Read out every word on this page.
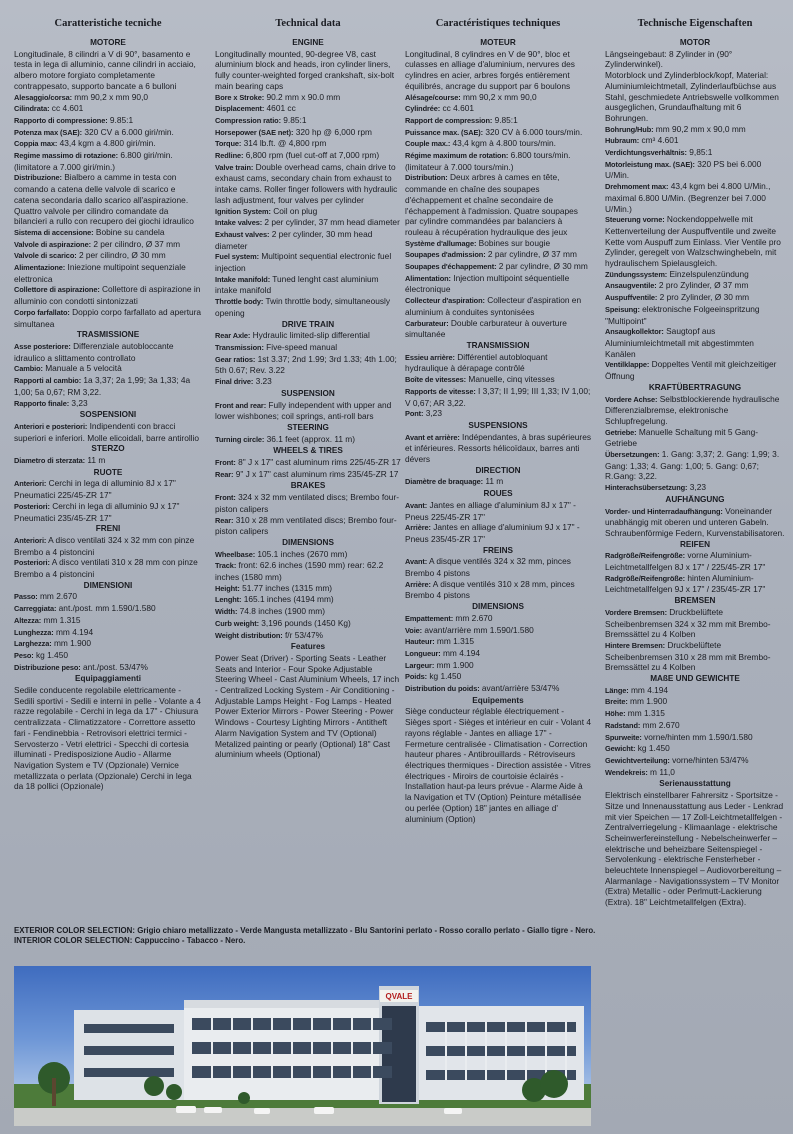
Caratteristiche tecniche
MOTORE

Longitudinale, 8 cilindri a V di 90°, basamento e testa in lega di alluminio, canne cilindri in acciaio, albero motore forgiato completamente contrappesato, supporto bancate a 6 bulloni

Alesaggio/corsa: mm 90,2 x mm 90,0

Cilindrata: cc 4.601

Rapporto di compressione: 9.85:1

Potenza max (SAE): 320 CV a 6.000 giri/min.

Coppia max: 43,4 kgm a 4.800 giri/min.

Regime massimo di rotazione: 6.800 giri/min. (limitatore a 7.000 giri/min.)

Distribuzione: Bialbero a camme in testa con comando a catena delle valvole di scarico e catena secondaria dallo scarico all'aspirazione. Quattro valvole per cilindro comandate da bilancieri a rullo con recupero dei giochi idraulico

Sistema di accensione: Bobine su candela

Valvole di aspirazione: 2 per cilindro, Ø 37 mm

Valvole di scarico: 2 per cilindro, Ø 30 mm

Alimentazione: Iniezione multipoint sequenziale elettronica

Collettore di aspirazione: Collettore di aspirazione in alluminio con condotti sintonizzati

Corpo farfallato: Doppio corpo farfallato ad apertura simultanea

TRASMISSIONE

Asse posteriore: Differenziale autobloccante idraulico a slittamento controllato

Cambio: Manuale a 5 velocità

Rapporti al cambio: 1a 3,37; 2a 1,99; 3a 1,33; 4a 1,00; 5a 0,67; RM 3,22.

Rapporto finale: 3,23

SOSPENSIONI

Anteriori e posteriori: Indipendenti con bracci superiori e inferiori. Molle elicoidali, barre antirollio

STERZO

Diametro di sterzata: 11 m

RUOTE

Anteriori: Cerchi in lega di alluminio 8J x 17" Pneumatici 225/45-ZR 17"

Posteriori: Cerchi in lega di alluminio 9J x 17" Pneumatici 235/45-ZR 17"

FRENI

Anteriori: A disco ventilati 324 x 32 mm con pinze Brembo a 4 pistoncini

Posteriori: A disco ventilati 310 x 28 mm con pinze Brembo a 4 pistoncini

DIMENSIONI

Passo: mm 2.670

Carreggiata: ant./post. mm 1.590/1.580

Altezza: mm 1.315

Lunghezza: mm 4.194

Larghezza: mm 1.900

Peso: kg 1.450

Distribuzione peso: ant./post. 53/47%

Equipaggiamenti

Sedile conducente regolabile elettricamente - Sedili sportivi - Sedili e interni in pelle - Volante a 4 razze regolabile - Cerchi in lega da 17" - Chiusura centralizzata - Climatizzatore - Correttore assetto fari - Fendinebbia - Retrovisori elettrici termici - Servosterzo - Vetri elettrici - Specchi di cortesia illuminati - Predisposizione Audio - Allarme Navigation System e TV (Opzionale) Vernice metallizzata o perlata (Opzionale) Cerchi in lega da 18 pollici (Opzionale)

Technical data
ENGINE

Longitudinally mounted, 90-degree V8, cast aluminium block and heads, iron cylinder liners, fully counter-weighted forged crankshaft, six-bolt main bearing caps

Bore x Stroke: 90.2 mm x 90.0 mm

Displacement: 4601 cc

Compression ratio: 9.85:1

Horsepower (SAE net): 320 hp @ 6,000 rpm

Torque: 314 lb.ft. @ 4,800 rpm

Redline: 6,800 rpm (fuel cut-off at 7,000 rpm)

Valve train: Double overhead cams, chain drive to exhaust cams, secondary chain from exhaust to intake cams. Roller finger followers with hydraulic lash adjustment, four valves per cylinder

Ignition System: Coil on plug

Intake valves: 2 per cylinder, 37 mm head diameter

Exhaust valves: 2 per cylinder, 30 mm head diameter

Fuel system: Multipoint sequential electronic fuel injection

Intake manifold: Tuned lenght cast aluminium intake manifold

Throttle body: Twin throttle body, simultaneously opening

DRIVE TRAIN

Rear Axle: Hydraulic limited-slip differential

Transmission: Five-speed manual

Gear ratios: 1st 3.37; 2nd 1.99; 3rd 1.33; 4th 1.00; 5th 0.67; Rev. 3.22

Final drive: 3.23

SUSPENSION

Front and rear: Fully independent with upper and lower wishbones; coil springs, anti-roll bars

STEERING

Turning circle: 36.1 feet (approx. 11 m)

WHEELS & TIRES

Front: 8" J x 17" cast aluminum rims 225/45-ZR 17

Rear: 9" J x 17" cast aluminum rims 235/45-ZR 17

BRAKES

Front: 324 x 32 mm ventilated discs; Brembo four-piston calipers

Rear: 310 x 28 mm ventilated discs; Brembo four-piston calipers

DIMENSIONS

Wheelbase: 105.1 inches (2670 mm)

Track: front: 62.6 inches (1590 mm) rear: 62.2 inches (1580 mm)

Height: 51.77 inches (1315 mm)

Lenght: 165.1 inches (4194 mm)

Width: 74.8 inches (1900 mm)

Curb weight: 3,196 pounds (1450 Kg)

Weight distribution: f/r 53/47%

Features

Power Seat (Driver) - Sporting Seats - Leather Seats and Interior - Four Spoke Adjustable Steering Wheel - Cast Aluminium Wheels, 17 inch - Centralized Locking System - Air Conditioning - Adjustable Lamps Height - Fog Lamps - Heated Power Exterior Mirrors - Power Steering - Power Windows - Courtesy Lighting Mirrors - Antitheft Alarm Navigation System and TV (Optional) Metalized painting or pearly (Optional) 18" Cast aluminium wheels (Optional)

Caractéristiques techniques
MOTEUR

Longitudinal, 8 cylindres en V de 90°, bloc et culasses en alliage d'aluminium, nervures des cylindres en acier, arbres forgés entièrement équilibrés, ancrage du support par 6 boulons

Alésage/course: mm 90,2 x mm 90,0

Cylindrée: cc 4.601

Rapport de compression: 9.85:1

Puissance max. (SAE): 320 CV à 6.000 tours/min.

Couple max.: 43,4 kgm à 4.800 tours/min.

Régime maximum de rotation: 6.800 tours/min. (limitateur à 7.000 tours/min.)

Distribution: Deux arbres à cames en tête, commande en chaîne des soupapes d'échappement et chaîne secondaire de l'échappement à l'admission. Quatre soupapes par cylindre commandées par balanciers à rouleau à récupération hydraulique des jeux

Système d'allumage: Bobines sur bougie

Soupapes d'admission: 2 par cylindre, Ø 37 mm

Soupapes d'échappement: 2 par cylindre, Ø 30 mm

Alimentation: Injection multipoint séquentielle électronique

Collecteur d'aspiration: Collecteur d'aspiration en aluminium à conduites syntonisées

Carburateur: Double carburateur à ouverture simultanée

TRANSMISSION

Essieu arrière: Différentiel autobloquant hydraulique à dérapage contrôlé

Boîte de vitesses: Manuelle, cinq vitesses

Rapports de vitesse: I 3,37; II 1,99; III 1,33; IV 1,00; V 0,67; AR 3,22.

Pont: 3,23

SUSPENSIONS

Avant et arrière: Indépendantes, à bras supérieures et inférieures. Ressorts hélicoïdaux, barres anti dévers

DIRECTION

Diamètre de braquage: 11 m

ROUES

Avant: Jantes en alliage d'aluminium 8J x 17" - Pneus 225/45-ZR 17"

Arrière: Jantes en alliage d'aluminium 9J x 17" - Pneus 235/45-ZR 17"

FREINS

Avant: A disque ventilés 324 x 32 mm, pinces Brembo 4 pistons

Arrière: A disque ventilés 310 x 28 mm, pinces Brembo 4 pistons

DIMENSIONS

Empattement: mm 2.670

Voie: avant/arrière mm 1.590/1.580

Hauteur: mm 1.315

Longueur: mm 4.194

Largeur: mm 1.900

Poids: kg 1.450

Distribution du poids: avant/arrière 53/47%

Equipements

Siège conducteur réglable électriquement - Sièges sport - Sièges et intérieur en cuir - Volant 4 rayons réglable - Jantes en alliage 17" - Fermeture centralisée - Climatisation - Correction hauteur phares - Antibrouillards - Rétroviseurs électriques thermiques - Direction assistée - Vitres électriques - Miroirs de courtoisie éclairés - Installation haut-pa leurs prévue - Alarme Aide à la Navigation et TV (Option) Peinture métallisée ou perlée (Option) 18" jantes en alliage d' aluminium (Option)

Technische Eigenschaften
MOTOR

Längseingebaut: 8 Zylinder in (90° Zylinderwinkel).

Motorblock und Zylinderblock/kopf, Material: Aluminiumleichtmetall, Zylinderlaufbüchse aus Stahl, geschmiedete Antriebswelle vollkommen ausgeglichen, Grundaufhaltung mit 6 Bohrungen.

Bohrung/Hub: mm 90,2 mm x 90,0 mm

Hubraum: cm³ 4.601

Verdichtungsverhältnis: 9,85:1

Motorleistung max. (SAE): 320 PS bei 6.000 U/Min.

Drehmoment max: 43,4 kgm bei 4.800 U/Min., maximal 6.800 U/Min. (Begrenzer bei 7.000 U/Min.)

Steuerung vorne: Nockendoppelwelle mit Kettenverteilung der Auspuffventile und zweite Kette vom Auspuff zum Einlass. Vier Ventile pro Zylinder, geregelt von Walzschwinghebeln, mit hydraulischem Spielausgleich.

Zündungssystem: Einzelspulenzündung

Ansaugventile: 2 pro Zylinder, Ø 37 mm

Auspuffventile: 2 pro Zylinder, Ø 30 mm

Speisung: elektronische Folgeeinspritzung "Multipoint"

Ansaugkollektor: Saugtopf aus Aluminiumleichtmetall mit abgestimmten Kanälen

Ventilklappe: Doppeltes Ventil mit gleichzeitiger Öffnung

KRAFTÜBERTRAGUNG

Vordere Achse: Selbstblockierende hydraulische Differenzialbremse, elektronische Schlupfregelung.

Getriebe: Manuelle Schaltung mit 5 Gang-Getriebe

Übersetzungen: 1. Gang: 3,37; 2. Gang: 1,99; 3. Gang: 1,33; 4. Gang: 1,00; 5. Gang: 0,67; R.Gang: 3,22.

Hinterachsübersetzung: 3,23

AUFHÄNGUNG

Vorder- und Hinterradaufhängung: Voneinander unabhängig mit oberen und unteren Gabeln. Schraubenförmige Federn, Kurvenstabilisatoren.

REIFEN

Radgröße/Reifengröße: vorne Aluminium-Leichtmetallfelgen 8J x 17" / 225/45-ZR 17"

Radgröße/Reifengröße: hinten Aluminium-Leichtmetallfelgen 9J x 17" / 235/45-ZR 17"

BREMSEN

Vordere Bremsen: Druckbelüftete Scheibenbremsen 324 x 32 mm mit Brembo-Bremssättel zu 4 Kolben

Hintere Bremsen: Druckbelüftete Scheibenbremsen 310 x 28 mm mit Brembo-Bremssättel zu 4 Kolben

MAßE UND GEWICHTE

Länge: mm 4.194

Breite: mm 1.900

Höhe: mm 1.315

Radstand: mm 2.670

Spurweite: vorne/hinten mm 1.590/1.580

Gewicht: kg 1.450

Gewichtverteilung: vorne/hinten 53/47%

Wendekreis: m 11,0

Serienausstattung

Elektrisch einstellbarer Fahrersitz - Sportsitze - Sitze und Innenausstattung aus Leder - Lenkrad mit vier Speichen — 17 Zoll-Leichtmetallfelgen - Zentralverriegelung - Klimaanlage - elektrische Scheinwerfereinstellung - Nebelscheinwerfer – elektrische und beheizbare Seitenspiegel - Servolenkung - elektrische Fensterheber - beleuchtete Innenspiegel – Audiovorbereitung – Alarmanlage - Navigationssystem – TV Monitor (Extra) Metallic - oder Perlmutt-Lackierung (Extra). 18" Leichtmetallfelgen (Extra).

EXTERIOR COLOR SELECTION: Grigio chiaro metallizzato - Verde Mangusta metallizzato - Blu Santorini perlato - Rosso corallo perlato - Giallo tigre - Nero.
INTERIOR COLOR SELECTION: Cappuccino - Tabacco - Nero.
QVALE
